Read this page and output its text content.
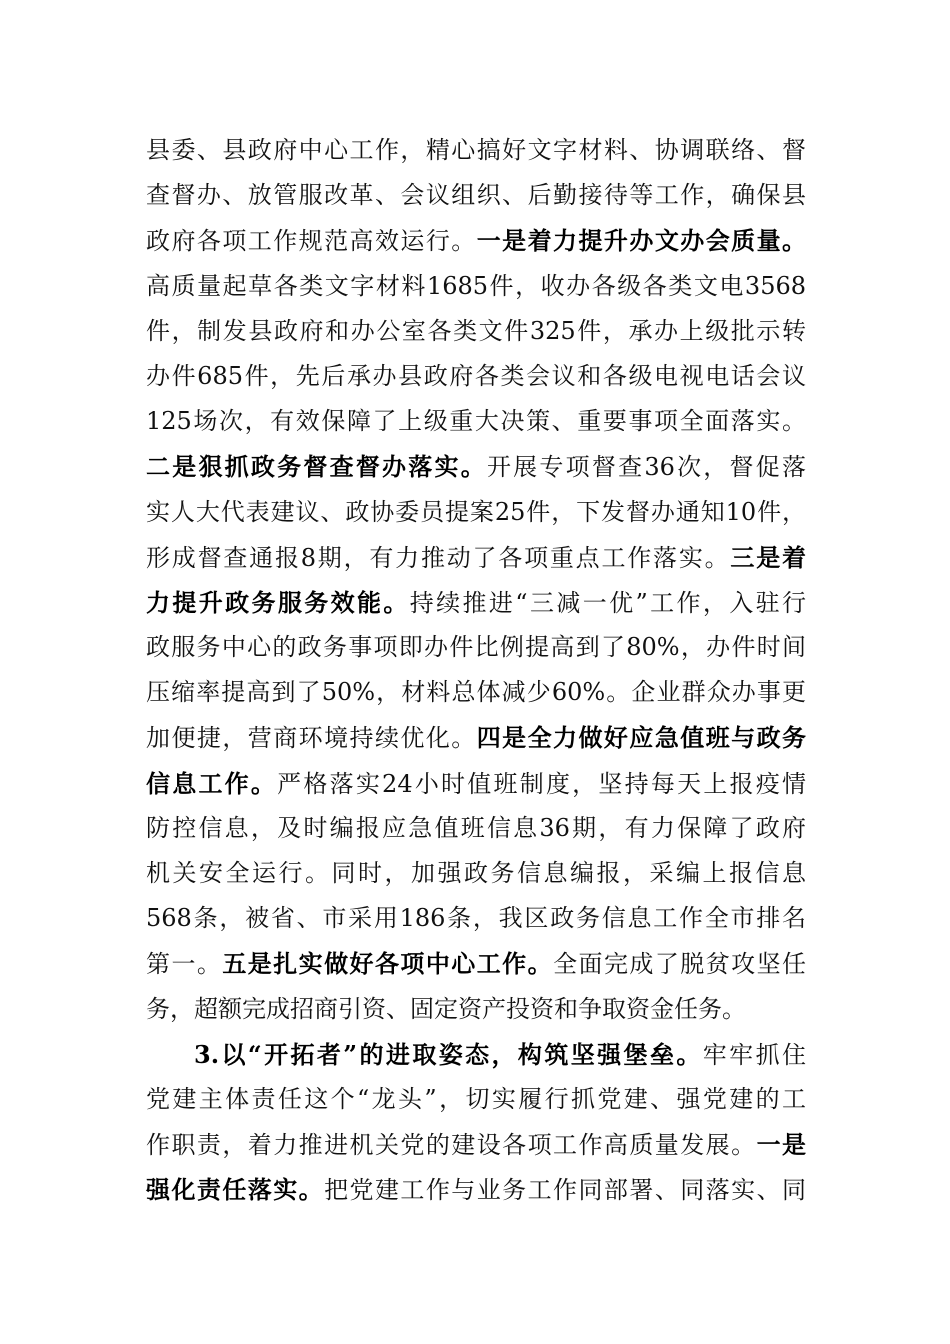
县委、县政府中心工作，精心搞好文字材料、协调联络、督
查督办、放管服改革、会议组织、后勤接待等工作，确保县
政府各项工作规范高效运行。一是着力提升办文办会质量。
高质量起草各类文字材料1685件，收办各级各类文电3568
件，制发县政府和办公室各类文件325件，承办上级批示转
办件685件，先后承办县政府各类会议和各级电视电话会议
125场次，有效保障了上级重大决策、重要事项全面落实。
二是狠抓政务督查督办落实。开展专项督查36次，督促落
实人大代表建议、政协委员提案25件，下发督办通知10件，
形成督查通报8期，有力推动了各项重点工作落实。三是着
力提升政务服务效能。持续推进“三减一优”工作，入驻行
政服务中心的政务事项即办件比例提高到了80%，办件时间
压缩率提高到了50%，材料总体减少60%。企业群众办事更
加便捷，营商环境持续优化。四是全力做好应急值班与政务
信息工作。严格落实24小时值班制度，坚持每天上报疫情
防控信息，及时编报应急值班信息36期，有力保障了政府
机关安全运行。同时，加强政务信息编报，采编上报信息
568条，被省、市采用186条，我区政务信息工作全市排名
第一。五是扎实做好各项中心工作。全面完成了脱贫攻坚任
务，超额完成招商引资、固定资产投资和争取资金任务。
3.以“开拓者”的进取姿态，构筑坚强堡垒。牢牢抓住
党建主体责任这个“龙头”，切实履行抓党建、强党建的工
作职责，着力推进机关党的建设各项工作高质量发展。一是
强化责任落实。把党建工作与业务工作同部署、同落实、同
